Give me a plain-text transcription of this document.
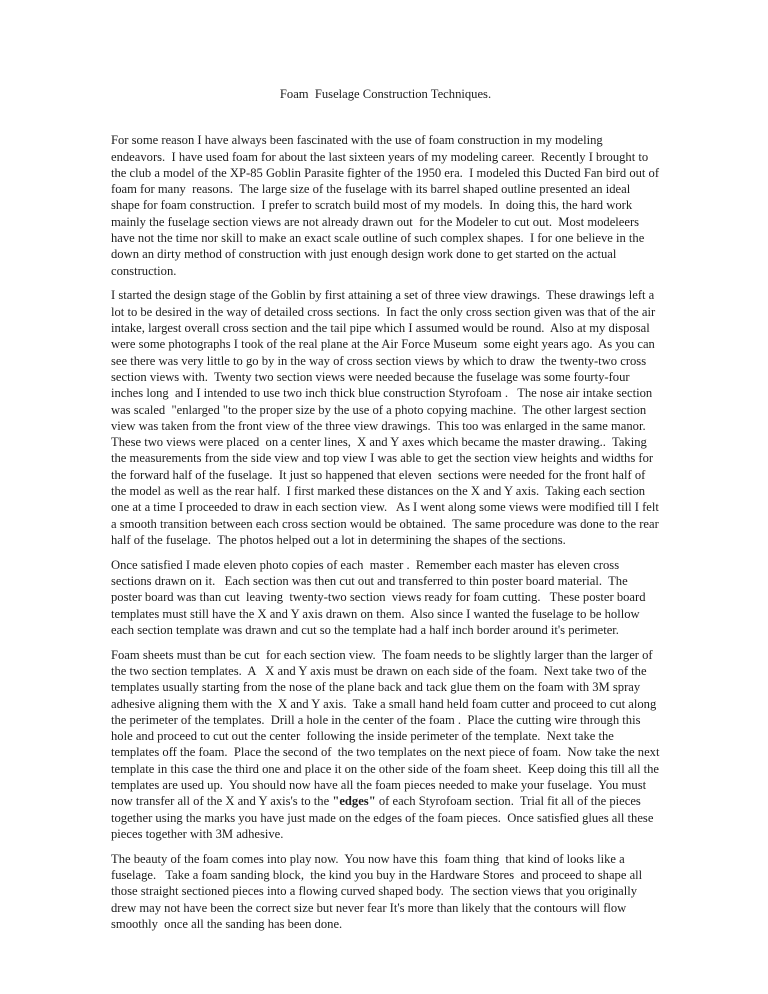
Foam  Fuselage Construction Techniques.

For some reason I have always been fascinated with the use of foam construction in my modeling endeavors.  I have used foam for about the last sixteen years of my modeling career.  Recently I brought to the club a model of the XP-85 Goblin Parasite fighter of the 1950 era.  I modeled this Ducted Fan bird out of foam for many  reasons.  The large size of the fuselage with its barrel shaped outline presented an ideal shape for foam construction.  I prefer to scratch build most of my models.  In  doing this, the hard work mainly the fuselage section views are not already drawn out  for the Modeler to cut out.  Most modeleers have not the time nor skill to make an exact scale outline of such complex shapes.  I for one believe in the down an dirty method of construction with just enough design work done to get started on the actual construction.

I started the design stage of the Goblin by first attaining a set of three view drawings.  These drawings left a lot to be desired in the way of detailed cross sections.  In fact the only cross section given was that of the air intake, largest overall cross section and the tail pipe which I assumed would be round.  Also at my disposal were some photographs I took of the real plane at the Air Force Museum  some eight years ago.  As you can see there was very little to go by in the way of cross section views by which to draw  the twenty-two cross section views with.  Twenty two section views were needed because the fuselage was some fourty-four inches long  and I intended to use two inch thick blue construction Styrofoam .   The nose air intake section was scaled  "enlarged "to the proper size by the use of a photo copying machine.  The other largest section view was taken from the front view of the three view drawings.  This too was enlarged in the same manor.  These two views were placed  on a center lines,  X and Y axes which became the master drawing..  Taking the measurements from the side view and top view I was able to get the section view heights and widths for the forward half of the fuselage.  It just so happened that eleven  sections were needed for the front half of the model as well as the rear half.  I first marked these distances on the X and Y axis.  Taking each section one at a time I proceeded to draw in each section view.   As I went along some views were modified till I felt a smooth transition between each cross section would be obtained.  The same procedure was done to the rear half of the fuselage.  The photos helped out a lot in determining the shapes of the sections.

Once satisfied I made eleven photo copies of each  master .  Remember each master has eleven cross sections drawn on it.   Each section was then cut out and transferred to thin poster board material.  The poster board was than cut  leaving  twenty-two section  views ready for foam cutting.   These poster board templates must still have the X and Y axis drawn on them.  Also since I wanted the fuselage to be hollow each section template was drawn and cut so the template had a half inch border around it's perimeter.

Foam sheets must than be cut  for each section view.  The foam needs to be slightly larger than the larger of the two section templates.  A   X and Y axis must be drawn on each side of the foam.  Next take two of the templates usually starting from the nose of the plane back and tack glue them on the foam with 3M spray adhesive aligning them with the  X and Y axis.  Take a small hand held foam cutter and proceed to cut along the perimeter of the templates.  Drill a hole in the center of the foam .  Place the cutting wire through this hole and proceed to cut out the center  following the inside perimeter of the template.  Next take the templates off the foam.  Place the second of  the two templates on the next piece of foam.  Now take the next template in this case the third one and place it on the other side of the foam sheet.  Keep doing this till all the templates are used up.  You should now have all the foam pieces needed to make your fuselage.  You must now transfer all of the X and Y axis's to the "edges" of each Styrofoam section.  Trial fit all of the pieces together using the marks you have just made on the edges of the foam pieces.  Once satisfied glues all these pieces together with 3M adhesive.

The beauty of the foam comes into play now.  You now have this  foam thing  that kind of looks like a fuselage.   Take a foam sanding block,  the kind you buy in the Hardware Stores  and proceed to shape all those straight sectioned pieces into a flowing curved shaped body.  The section views that you originally drew may not have been the correct size but never fear It's more than likely that the contours will flow smoothly  once all the sanding has been done.
